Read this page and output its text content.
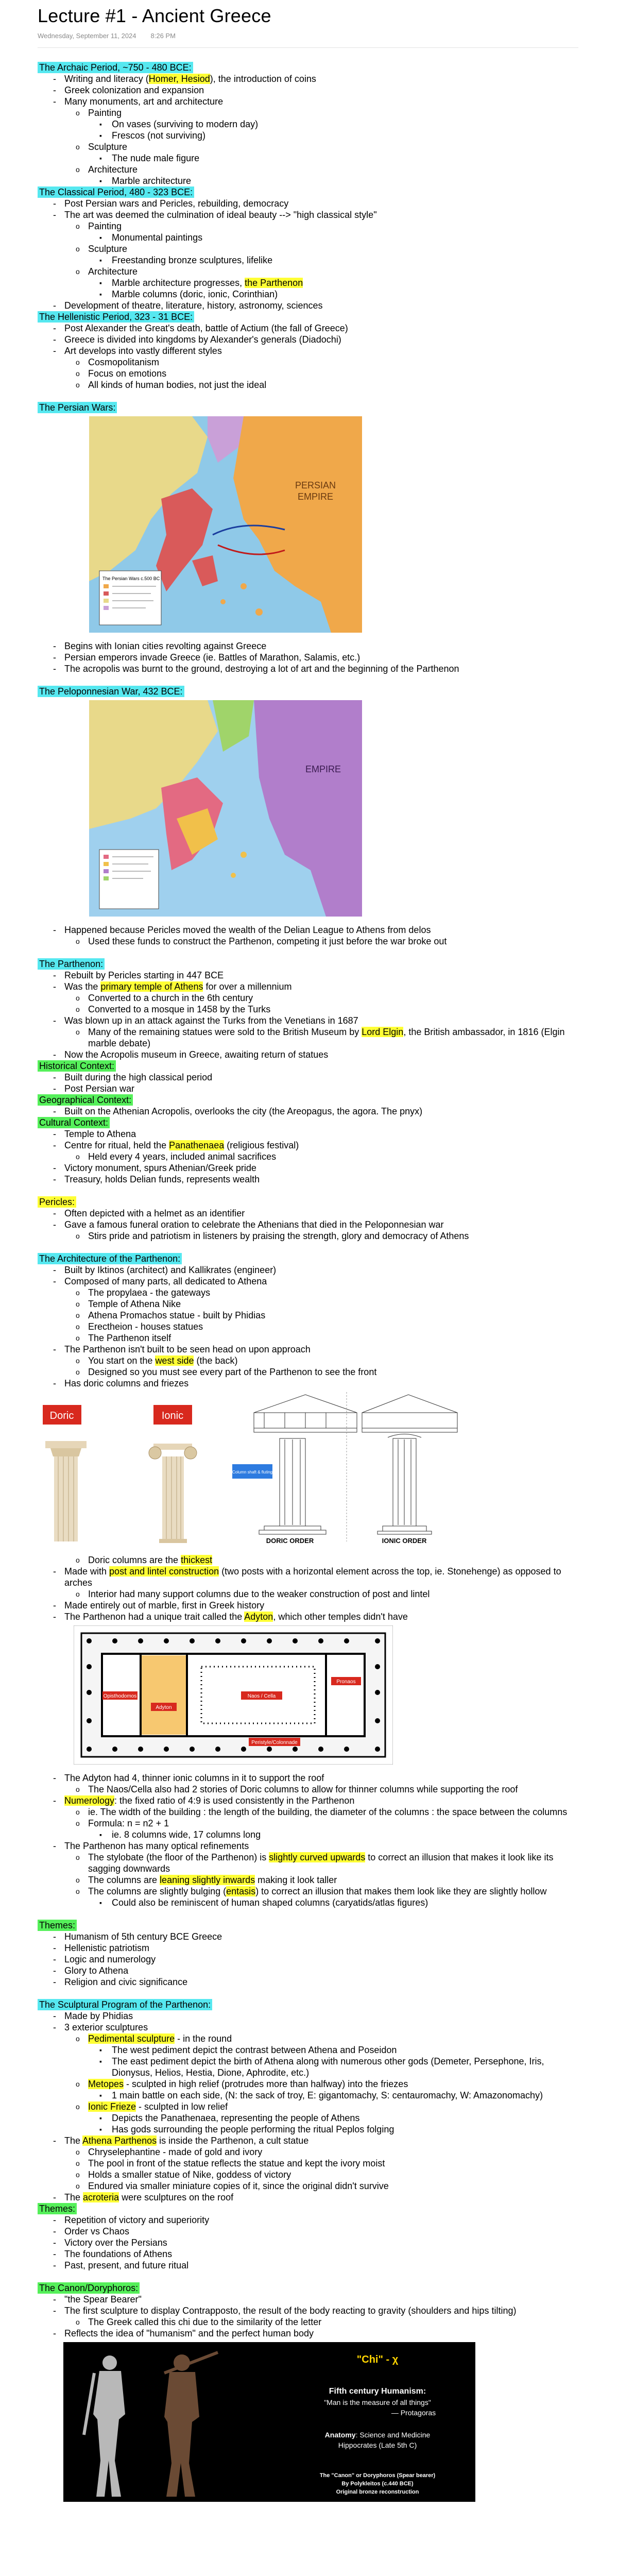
Lecture #1 - Ancient Greece
Wednesday, September 11, 2024 8:26 PM
The Archaic Period, ~750 - 480 BCE:
- Writing and literacy (Homer, Hesiod), the introduction of coins
- Greek colonization and expansion
- Many monuments, art and architecture
o Painting
▪ On vases (surviving to modern day)
▪ Frescos (not surviving)
o Sculpture
▪ The nude male figure
o Architecture
▪ Marble architecture
The Classical Period, 480 - 323 BCE:
- Post Persian wars and Pericles, rebuilding, democracy
- The art was deemed the culmination of ideal beauty --> "high classical style"
o Painting
▪ Monumental paintings
o Sculpture
▪ Freestanding bronze sculptures, lifelike
o Architecture
▪ Marble architecture progresses, the Parthenon
▪ Marble columns (doric, ionic, Corinthian)
- Development of theatre, literature, history, astronomy, sciences
The Hellenistic Period, 323 - 31 BCE:
- Post Alexander the Great's death, battle of Actium (the fall of Greece)
- Greece is divided into kingdoms by Alexander's generals (Diadochi)
- Art develops into vastly different styles
o Cosmopolitanism
o Focus on emotions
o All kinds of human bodies, not just the ideal
The Persian Wars:
PERSIAN
EMPIRE
The Persian Wars c.500 BC
- Begins with Ionian cities revolting against Greece
- Persian emperors invade Greece (ie. Battles of Marathon, Salamis, etc.)
- The acropolis was burnt to the ground, destroying a lot of art and the beginning of the Parthenon
The Peloponnesian War, 432 BCE:
EMPIRE
- Happened because Pericles moved the wealth of the Delian League to Athens from delos
o Used these funds to construct the Parthenon, competing it just before the war broke out
The Parthenon:
- Rebuilt by Pericles starting in 447 BCE
- Was the primary temple of Athens for over a millennium
o Converted to a church in the 6th century
o Converted to a mosque in 1458 by the Turks
- Was blown up in an attack against the Turks from the Venetians in 1687
o Many of the remaining statues were sold to the British Museum by Lord Elgin, the British ambassador, in 1816 (Elgin marble debate)
- Now the Acropolis museum in Greece, awaiting return of statues
Historical Context:
- Built during the high classical period
- Post Persian war
Geographical Context:
- Built on the Athenian Acropolis, overlooks the city (the Areopagus, the agora. The pnyx)
Cultural Context:
- Temple to Athena
- Centre for ritual, held the Panathenaea (religious festival)
o Held every 4 years, included animal sacrifices
- Victory monument, spurs Athenian/Greek pride
- Treasury, holds Delian funds, represents wealth
Pericles:
- Often depicted with a helmet as an identifier
- Gave a famous funeral oration to celebrate the Athenians that died in the Peloponnesian war
o Stirs pride and patriotism in listeners by praising the strength, glory and democracy of Athens
The Architecture of the Parthenon:
- Built by Iktinos (architect) and Kallikrates (engineer)
- Composed of many parts, all dedicated to Athena
o The propylaea - the gateways
o Temple of Athena Nike
o Athena Promachos statue - built by Phidias
o Erectheion - houses statues
o The Parthenon itself
- The Parthenon isn't built to be seen head on upon approach
o You start on the west side (the back)
o Designed so you must see every part of the Parthenon to see the front
- Has doric columns and friezes
Doric	Ionic
Column shaft & fluting
DORIC ORDER	IONIC ORDER
o Doric columns are the thickest
- Made with post and lintel construction (two posts with a horizontal element across the top, ie. Stonehenge) as opposed to arches
o Interior had many support columns due to the weaker construction of post and lintel
- Made entirely out of marble, first in Greek history
- The Parthenon had a unique trait called the Adyton, which other temples didn't have
Opisthodomos
Adyton
Naos / Cella
Pronaos
Peristyle/Colonnade
- The Adyton had 4, thinner ionic columns in it to support the roof
o The Naos/Cella also had 2 stories of Doric columns to allow for thinner columns while supporting the roof
- Numerology: the fixed ratio of 4:9 is used consistently in the Parthenon
o ie. The width of the building : the length of the building, the diameter of the columns : the space between the columns
o Formula: n = n2 + 1
▪ ie. 8 columns wide, 17 columns long
- The Parthenon has many optical refinements
o The stylobate (the floor of the Parthenon) is slightly curved upwards to correct an illusion that makes it look like its sagging downwards
o The columns are leaning slightly inwards making it look taller
o The columns are slightly bulging (entasis) to correct an illusion that makes them look like they are slightly hollow
▪ Could also be reminiscent of human shaped columns (caryatids/atlas figures)
Themes:
- Humanism of 5th century BCE Greece
- Hellenistic patriotism
- Logic and numerology
- Glory to Athena
- Religion and civic significance
The Sculptural Program of the Parthenon:
- Made by Phidias
- 3 exterior sculptures
o Pedimental sculpture - in the round
▪ The west pediment depict the contrast between Athena and Poseidon
▪ The east pediment depict the birth of Athena along with numerous other gods (Demeter, Persephone, Iris, Dionysus, Helios, Hestia, Dione, Aphrodite, etc.)
o Metopes - sculpted in high relief (protrudes more than halfway) into the friezes
▪ 1 main battle on each side, (N: the sack of troy, E: gigantomachy, S: centauromachy, W: Amazonomachy)
o Ionic Frieze - sculpted in low relief
▪ Depicts the Panathenaea, representing the people of Athens
▪ Has gods surrounding the people performing the ritual Peplos folging
- The Athena Parthenos is inside the Parthenon, a cult statue
o Chryselephantine - made of gold and ivory
o The pool in front of the statue reflects the statue and kept the ivory moist
o Holds a smaller statue of Nike, goddess of victory
o Endured via smaller miniature copies of it, since the original didn't survive
- The acroteria were sculptures on the roof
Themes:
- Repetition of victory and superiority
- Order vs Chaos
- Victory over the Persians
- The foundations of Athens
- Past, present, and future ritual
The Canon/Doryphoros:
- "the Spear Bearer"
- The first sculpture to display Contrapposto, the result of the body reacting to gravity (shoulders and hips tilting)
o The Greek called this chi due to the similarity of the letter
- Reflects the idea of "humanism" and the perfect human body
"Chi" - χ
Fifth century Humanism:
"Man is the measure of all things"
— Protagoras
Anatomy: Science and Medicine
Hippocrates (Late 5th C)
The "Canon" or Doryphoros (Spear bearer)
By Polykleitos (c.440 BCE)
Original bronze reconstruction
